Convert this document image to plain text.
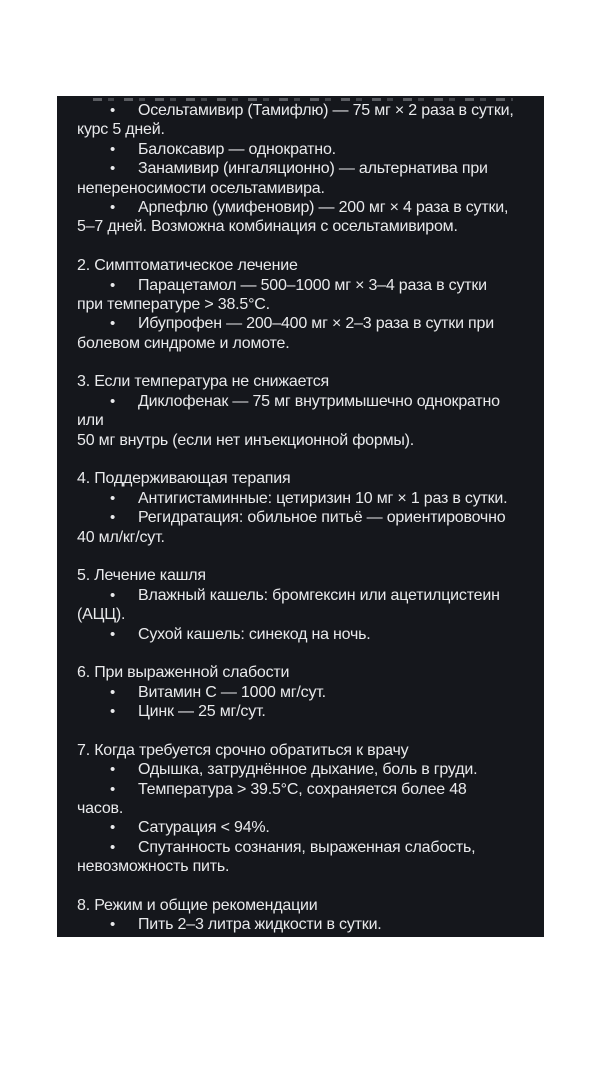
• Осельтамивир (Тамифлю) — 75 мг × 2 раза в сутки,
курс 5 дней.
• Балоксавир — однократно.
• Занамивир (ингаляционно) — альтернатива при
непереносимости осельтамивира.
• Арпефлю (умифеновир) — 200 мг × 4 раза в сутки,
5–7 дней. Возможна комбинация с осельтамивиром.
2. Симптоматическое лечение
• Парацетамол — 500–1000 мг × 3–4 раза в сутки
при температуре > 38.5°C.
• Ибупрофен — 200–400 мг × 2–3 раза в сутки при
болевом синдроме и ломоте.
3. Если температура не снижается
• Диклофенак — 75 мг внутримышечно однократно
или
50 мг внутрь (если нет инъекционной формы).
4. Поддерживающая терапия
• Антигистаминные: цетиризин 10 мг × 1 раз в сутки.
• Регидратация: обильное питьё — ориентировочно
40 мл/кг/сут.
5. Лечение кашля
• Влажный кашель: бромгексин или ацетилцистеин
(АЦЦ).
• Сухой кашель: синекод на ночь.
6. При выраженной слабости
• Витамин C — 1000 мг/сут.
• Цинк — 25 мг/сут.
7. Когда требуется срочно обратиться к врачу
• Одышка, затруднённое дыхание, боль в груди.
• Температура > 39.5°C, сохраняется более 48
часов.
• Сатурация < 94%.
• Спутанность сознания, выраженная слабость,
невозможность пить.
8. Режим и общие рекомендации
• Пить 2–3 литра жидкости в сутки.
